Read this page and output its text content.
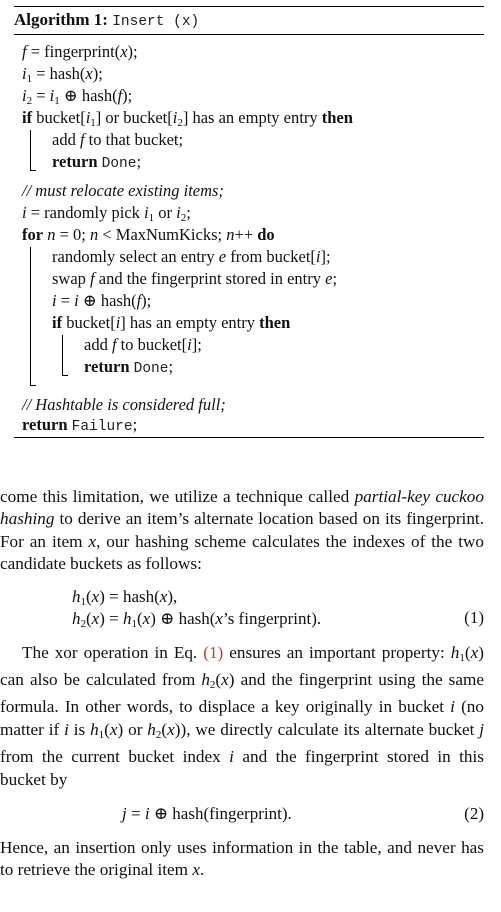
Algorithm 1: Insert (x)
f = fingerprint(x);
$i_1$ = hash(x);
$i_2 = i_1$ ⊕ hash(f);
if $bucket[i_1]$ or $bucket[i_2]$ has an empty entry then
add f to that bucket;
return Done;
// must relocate existing items;
i = randomly pick $i_1$ or $i_2$;
for n = 0; n < MaxNumKicks; n++ do
randomly select an entry e from bucket[i];
swap f and the fingerprint stored in entry e;
i = i ⊕ hash(f);
if bucket[i] has an empty entry then
add f to bucket[i];
return Done;
// Hashtable is considered full;
return Failure;

come this limitation, we utilize a technique called partial-key cuckoo hashing to derive an item’s alternate location based on its fingerprint. For an item x, our hashing scheme calculates the indexes of the two candidate buckets as follows:

$h_1(x)$ = hash(x),
$h_2(x) = h_1(x)$ ⊕ hash(x’s fingerprint).	(1)

The xor operation in Eq. (1) ensures an important property: $h_1(x)$ can also be calculated from $h_2(x)$ and the fingerprint using the same formula. In other words, to displace a key originally in bucket i (no matter if i is $h_1(x)$ or $h_2(x)$), we directly calculate its alternate bucket j from the current bucket index i and the fingerprint stored in this bucket by

j = i ⊕ hash(fingerprint).	(2)

Hence, an insertion only uses information in the table, and never has to retrieve the original item x.
